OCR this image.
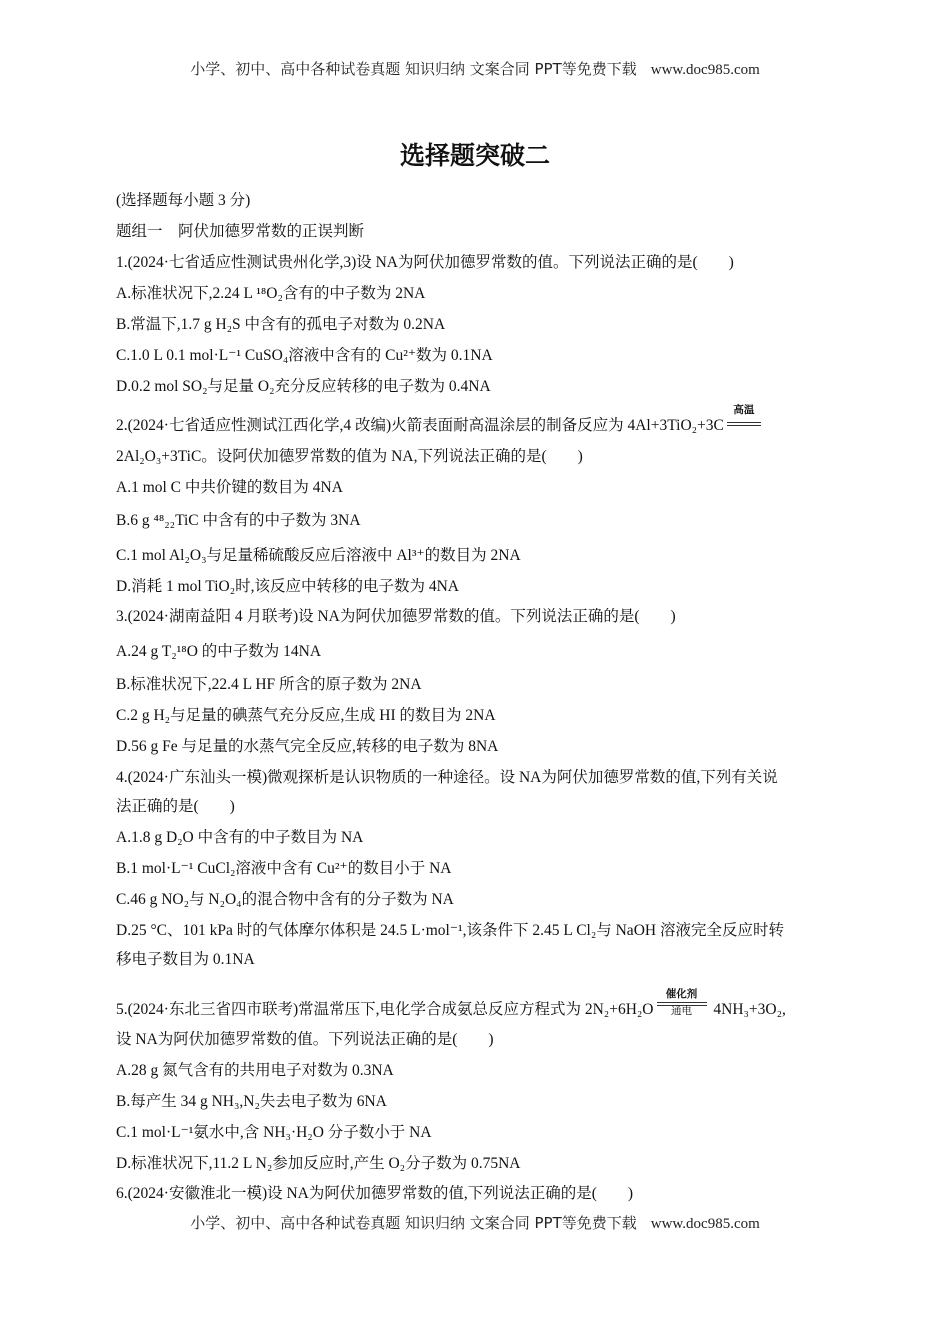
小学、初中、高中各种试卷真题 知识归纳 文案合同 PPT等免费下载 www.doc985.com
选择题突破二
(选择题每小题 3 分)
题组一　阿伏加德罗常数的正误判断
1.(2024·七省适应性测试贵州化学,3)设 NA为阿伏加德罗常数的值。下列说法正确的是(　　)
A.标准状况下,2.24 L ¹⁸O₂含有的中子数为 2NA
B.常温下,1.7 g H₂S 中含有的孤电子对数为 0.2NA
C.1.0 L 0.1 mol·L⁻¹ CuSO₄溶液中含有的 Cu²⁺数为 0.1NA
D.0.2 mol SO₂与足量 O₂充分反应转移的电子数为 0.4NA
2.(2024·七省适应性测试江西化学,4 改编)火箭表面耐高温涂层的制备反应为 4Al+3TiO₂+3C
高温
2Al₂O₃+3TiC。设阿伏加德罗常数的值为 NA,下列说法正确的是(　　)
A.1 mol C 中共价键的数目为 4NA
B.6 g ⁴⁸₂₂TiC 中含有的中子数为 3NA
C.1 mol Al₂O₃与足量稀硫酸反应后溶液中 Al³⁺的数目为 2NA
D.消耗 1 mol TiO₂时,该反应中转移的电子数为 4NA
3.(2024·湖南益阳 4 月联考)设 NA为阿伏加德罗常数的值。下列说法正确的是(　　)
A.24 g T₂¹⁸O 的中子数为 14NA
B.标准状况下,22.4 L HF 所含的原子数为 2NA
C.2 g H₂与足量的碘蒸气充分反应,生成 HI 的数目为 2NA
D.56 g Fe 与足量的水蒸气完全反应,转移的电子数为 8NA
4.(2024·广东汕头一模)微观探析是认识物质的一种途径。设 NA为阿伏加德罗常数的值,下列有关说
法正确的是(　　)
A.1.8 g D₂O 中含有的中子数目为 NA
B.1 mol·L⁻¹ CuCl₂溶液中含有 Cu²⁺的数目小于 NA
C.46 g NO₂与 N₂O₄的混合物中含有的分子数为 NA
D.25 °C、101 kPa 时的气体摩尔体积是 24.5 L·mol⁻¹,该条件下 2.45 L Cl₂与 NaOH 溶液完全反应时转
移电子数目为 0.1NA
5.(2024·东北三省四市联考)常温常压下,电化学合成氨总反应方程式为 2N₂+6H₂O
催化剂
通电	4NH₃+3O₂,
设 NA为阿伏加德罗常数的值。下列说法正确的是(　　)
A.28 g 氮气含有的共用电子对数为 0.3NA
B.每产生 34 g NH₃,N₂失去电子数为 6NA
C.1 mol·L⁻¹氨水中,含 NH₃·H₂O 分子数小于 NA
D.标准状况下,11.2 L N₂参加反应时,产生 O₂分子数为 0.75NA
6.(2024·安徽淮北一模)设 NA为阿伏加德罗常数的值,下列说法正确的是(　　)
小学、初中、高中各种试卷真题 知识归纳 文案合同 PPT等免费下载 www.doc985.com
